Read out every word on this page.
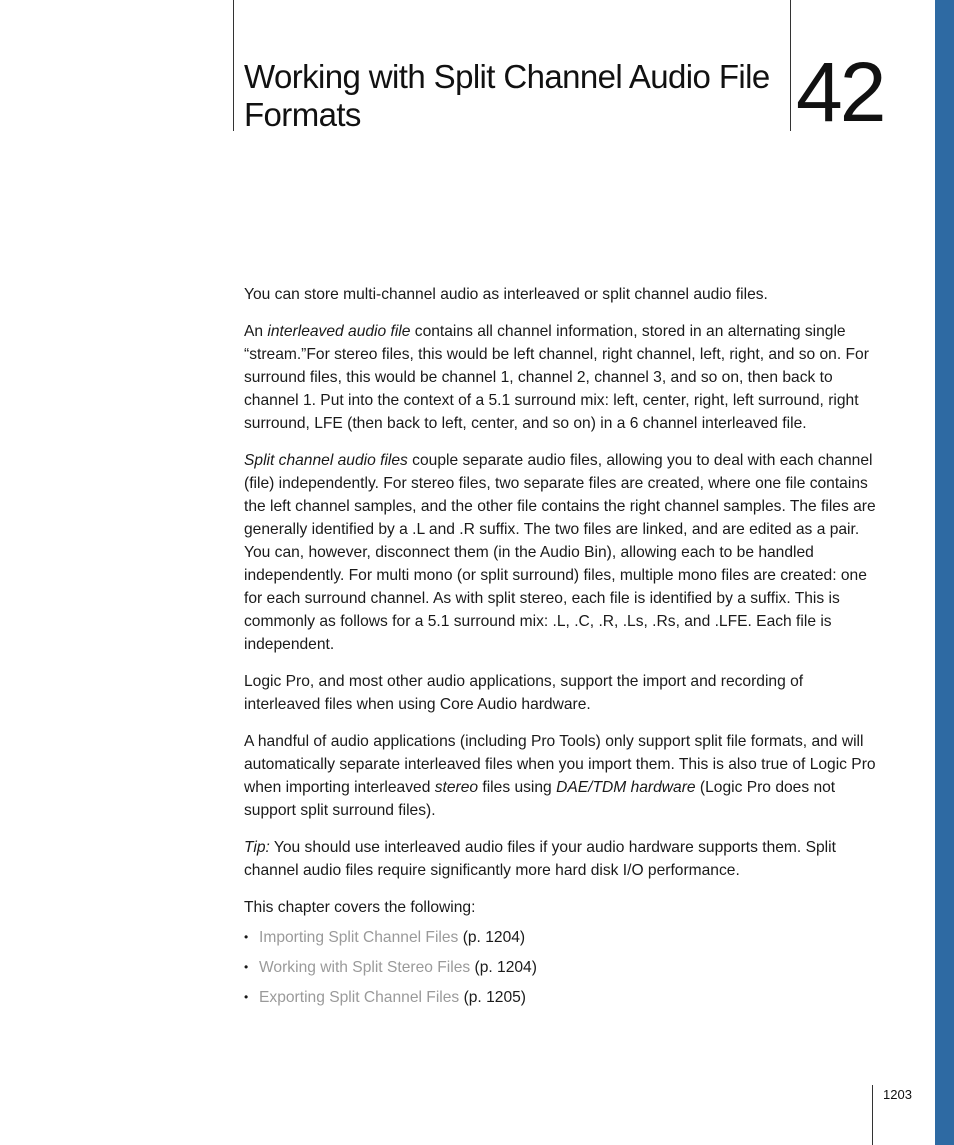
Working with Split Channel Audio File Formats	42

You can store multi-channel audio as interleaved or split channel audio files.

An interleaved audio file contains all channel information, stored in an alternating single “stream.”For stereo files, this would be left channel, right channel, left, right, and so on. For surround files, this would be channel 1, channel 2, channel 3, and so on, then back to channel 1. Put into the context of a 5.1 surround mix: left, center, right, left surround, right surround, LFE (then back to left, center, and so on) in a 6 channel interleaved file.

Split channel audio files couple separate audio files, allowing you to deal with each channel (file) independently. For stereo files, two separate files are created, where one file contains the left channel samples, and the other file contains the right channel samples. The files are generally identified by a .L and .R suffix. The two files are linked, and are edited as a pair. You can, however, disconnect them (in the Audio Bin), allowing each to be handled independently. For multi mono (or split surround) files, multiple mono files are created: one for each surround channel. As with split stereo, each file is identified by a suffix. This is commonly as follows for a 5.1 surround mix: .L, .C, .R, .Ls, .Rs, and .LFE. Each file is independent.

Logic Pro, and most other audio applications, support the import and recording of interleaved files when using Core Audio hardware.

A handful of audio applications (including Pro Tools) only support split file formats, and will automatically separate interleaved files when you import them. This is also true of Logic Pro when importing interleaved stereo files using DAE/TDM hardware (Logic Pro does not support split surround files).

Tip: You should use interleaved audio files if your audio hardware supports them. Split channel audio files require significantly more hard disk I/O performance.

This chapter covers the following:

• Importing Split Channel Files (p. 1204)
• Working with Split Stereo Files (p. 1204)
• Exporting Split Channel Files (p. 1205)
1203
